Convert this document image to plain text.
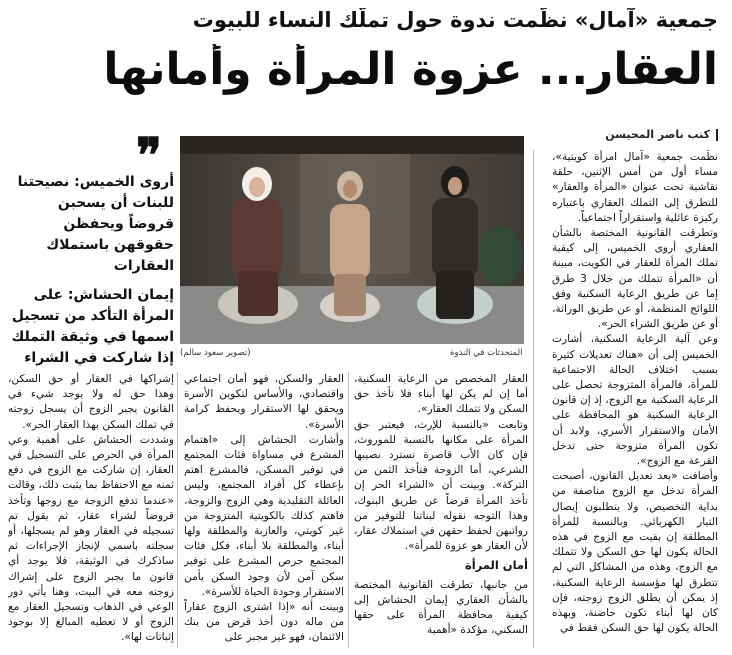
جمعية «آمال» نظّمت ندوة حول تملّك النساء للبيوت
العقار... عزوة المرأة وأمانها
كتب ناصر المحيسن

نظّمت جمعية «آمال امرأة كويتية»، مساء أول من أمس الإثنين، حلقة نقاشية تحت عنوان «المرأة والعقار» للتطرق إلى التملك العقاري باعتباره ركيزة عائلية واستقراراً اجتماعياً.

وتطرقت القانونية المختصة بالشأن العقاري أروى الخميس، إلى كيفية تملك المرأة للعقار في الكويت، مبينة أن «المرأة تتملك من خلال 3 طرق إما عن طريق الرعاية السكنية وفق اللوائح المنظمة، أو عن طريق الوراثة، أو عن طريق الشراء الحر».

وعن آلية الرعاية السكنية، أشارت الخميس إلى أن «هناك تعديلات كثيرة بسبب اختلاف الحالة الاجتماعية للمرأة، فالمرأة المتزوجة تحصل على الرعاية السكنية مع الزوج، إذ إن قانون الرعاية السكنية هو المحافظة على الأمان والاستقرار الأسري، ولابد أن تكون المرأة متزوجة حتى تدخل القرعة مع الزوج».

وأضافت «بعد تعديل القانون، أصبحت المرأة تدخل مع الزوج مناصفة من بداية التخصيص، ولا يتطلبون إيصال التيار الكهربائي. وبالنسبة للمرأة المطلقة إن بقيت مع الزوج في هذه الحالة يكون لها حق السكن ولا تتملك مع الزوج، وهذه من المشاكل التي لم تتطرق لها مؤسسة الرعاية السكنية، إذ يمكن أن يطلق الزوج زوجته، فإن كان لها أبناء تكون حاضنة، وبهذه الحالة يكون لها حق السكن فقط في

(تصوير سعود سالم)	المتحدثات في الندوة
❞

أروى الخميس: نصيحتنا للبنات أن يسحبن قروضاً ويحفظن حقوقهن باستملاك العقارات

إيمان الحشاش: على المرأة التأكد من تسجيل اسمها في وثيقة التملك إذا شاركت في الشراء

العقار المخصص من الرعاية السكنية، أما إن لم يكن لها أبناء فلا تأخذ حق السكن ولا تتملك العقار».

وتابعت «بالنسبة للإرث، فيعتبر حق المرأة على مكانها بالنسبة للموروث، فإن كان الأب قاصرة تسترد نصيبها الشرعي، أما الزوجة فتأخذ الثمن من التركة». وبينت أن «الشراء الحر إن تأخذ المرأة قرضاً عن طريق البنوك، وهذا التوجه نقوله لبناتنا للتوفير من رواتبهن لحفظ حقهن في استملاك عقار، لأن العقار هو عزوة للمرأة».

أمان المرأة

من جانبها، تطرقت القانونية المختصة بالشأن العقاري إيمان الحشاش إلى كيفية محافظة المرأة على حقها السكني، مؤكدة «أهمية

العقار والسكن، فهو أمان اجتماعي واقتصادي، والأساس لتكوين الأسرة ويحقق لها الاستقرار ويحفظ كرامة الأسرة».

وأشارت الحشاش إلى «اهتمام المشرع في مساواة فئات المجتمع في توفير المسكن، فالمشرع اهتم بإعطاء كل أفراد المجتمع، وليس العائلة التقليدية وهي الزوج والزوجة، فاهتم كذلك بالكويتية المتزوجة من غير كويتي، والعازبة والمطلقة ولها أبناء، والمطلقة بلا أبناء، فكل فئات المجتمع حرص المشرع على توفير سكن آمن لأن وجود السكن يأمن الاستقرار وجودة الحياة للأسرة».

وبينت أنه «إذا اشترى الزوج عقاراً من ماله دون أخذ قرض من بنك الائتمان، فهو غير مجبر على

إشراكها في العقار أو حق السكن، وهذا حق له ولا يوجد شيء في القانون يجبر الزوج أن يسجل زوجته في تملك السكن بهذا العقار الحر».

وشددت الحشاش على أهمية وعي المرأة في الحرص على التسجيل في العقار، إن شاركت مع الزوج في دفع ثمنه مع الاحتفاظ بما يثبت ذلك، وقالت «عندما تدفع الزوجة مع زوجها وتأخذ قروضاً لشراء عقار، ثم يقول تم تسجيله في العقار وهو لم يسجلها، أو سجلته باسمي لإنجاز الإجراءات ثم ساذكرك في الوثيقة، فلا يوجد أي قانون ما يجبر الزوج على إشراك زوجته معه في البيت، وهنا يأتي دور الوعي في الذهاب وتسجيل العقار مع الزوج أو لا تعطيه المبالغ إلا بوجود إثباتات لها».
